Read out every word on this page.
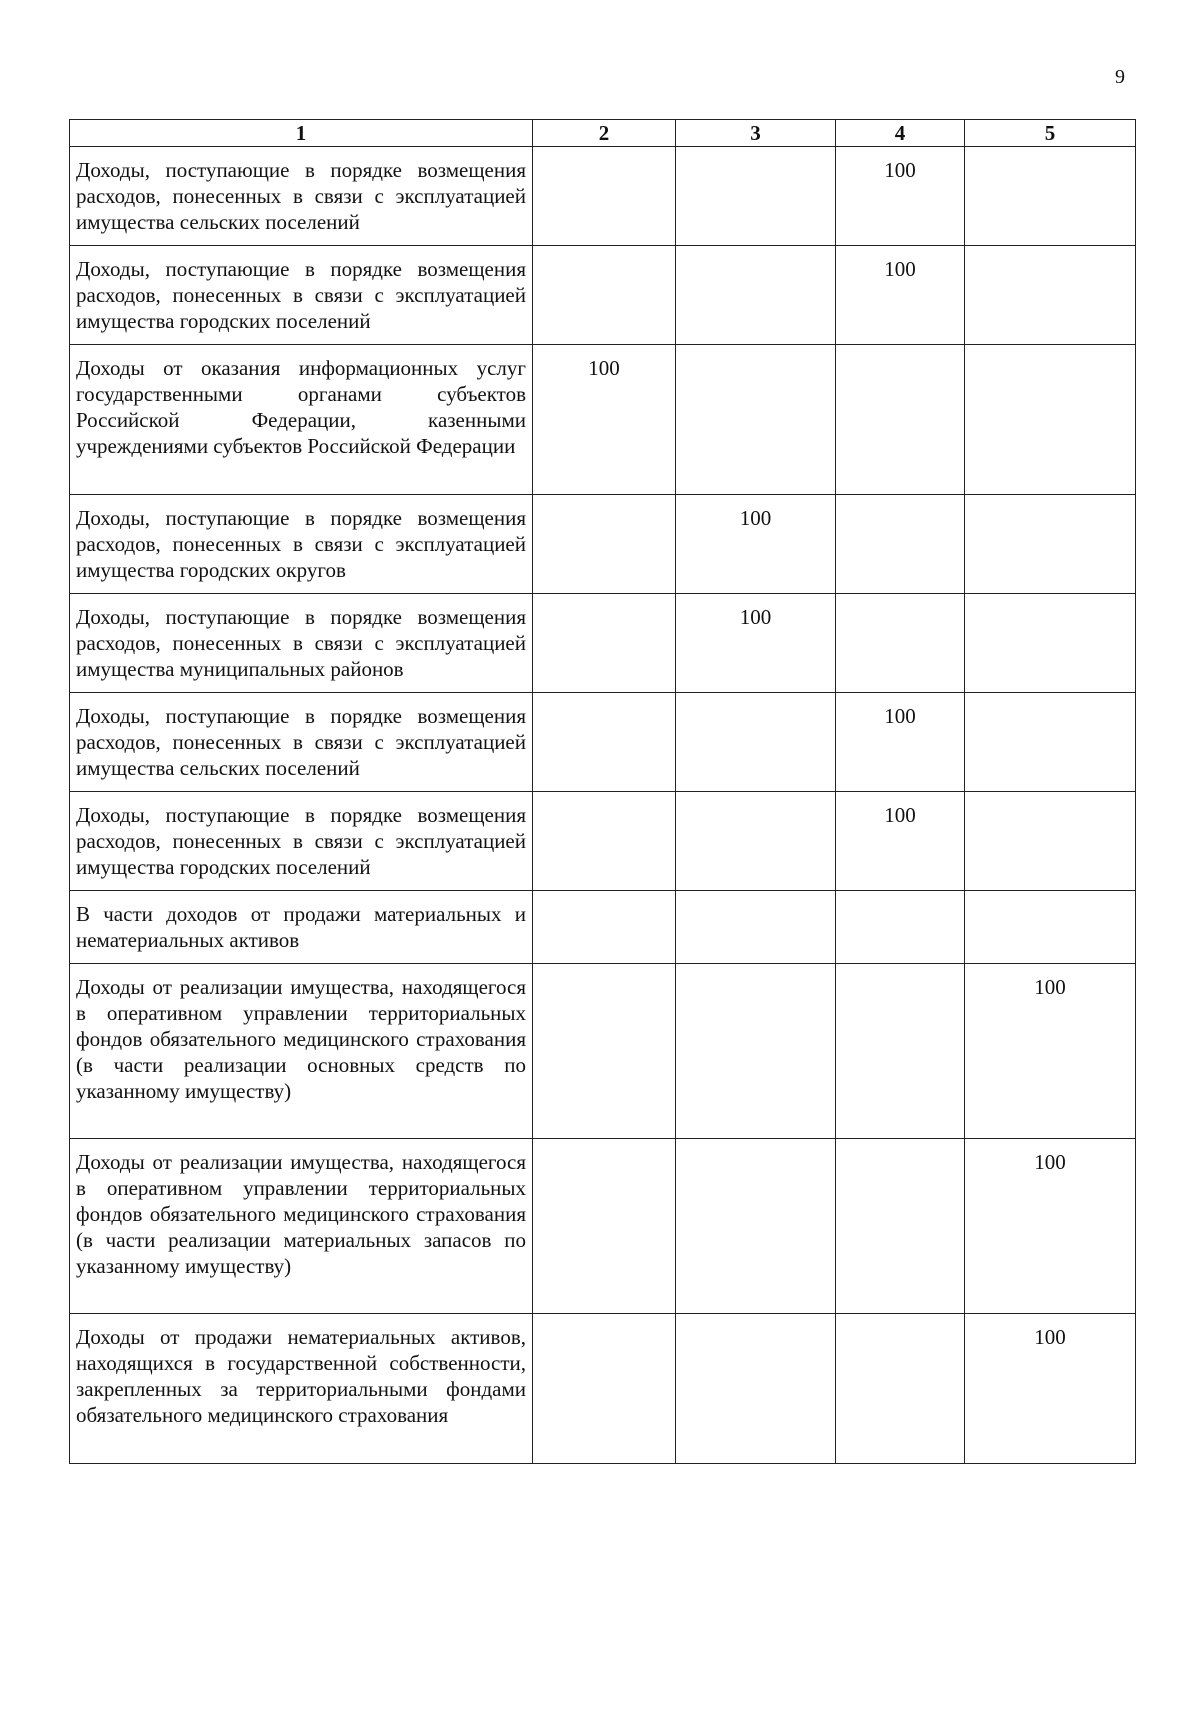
9
1	2	3	4	5
Доходы, поступающие в порядке возмещения расходов, понесенных в связи с эксплуатацией имущества сельских поселений			100	
Доходы, поступающие в порядке возмещения расходов, понесенных в связи с эксплуатацией имущества городских поселений			100	
Доходы от оказания информационных услуг государственными органами субъектов Российской Федерации, казенными учреждениями субъектов Российской Федерации	100			
Доходы, поступающие в порядке возмещения расходов, понесенных в связи с эксплуатацией имущества городских округов		100		
Доходы, поступающие в порядке возмещения расходов, понесенных в связи с эксплуатацией имущества муниципальных районов		100		
Доходы, поступающие в порядке возмещения расходов, понесенных в связи с эксплуатацией имущества сельских поселений			100	
Доходы, поступающие в порядке возмещения расходов, понесенных в связи с эксплуатацией имущества городских поселений			100	
В части доходов от продажи материальных и нематериальных активов				
Доходы от реализации имущества, находящегося в оперативном управлении территориальных фондов обязательного медицинского страхования (в части реализации основных средств по указанному имуществу)				100
Доходы от реализации имущества, находящегося в оперативном управлении территориальных фондов обязательного медицинского страхования (в части реализации материальных запасов по указанному имуществу)				100
Доходы от продажи нематериальных активов, находящихся в государственной собственности, закрепленных за территориальными фондами обязательного медицинского страхования				100
